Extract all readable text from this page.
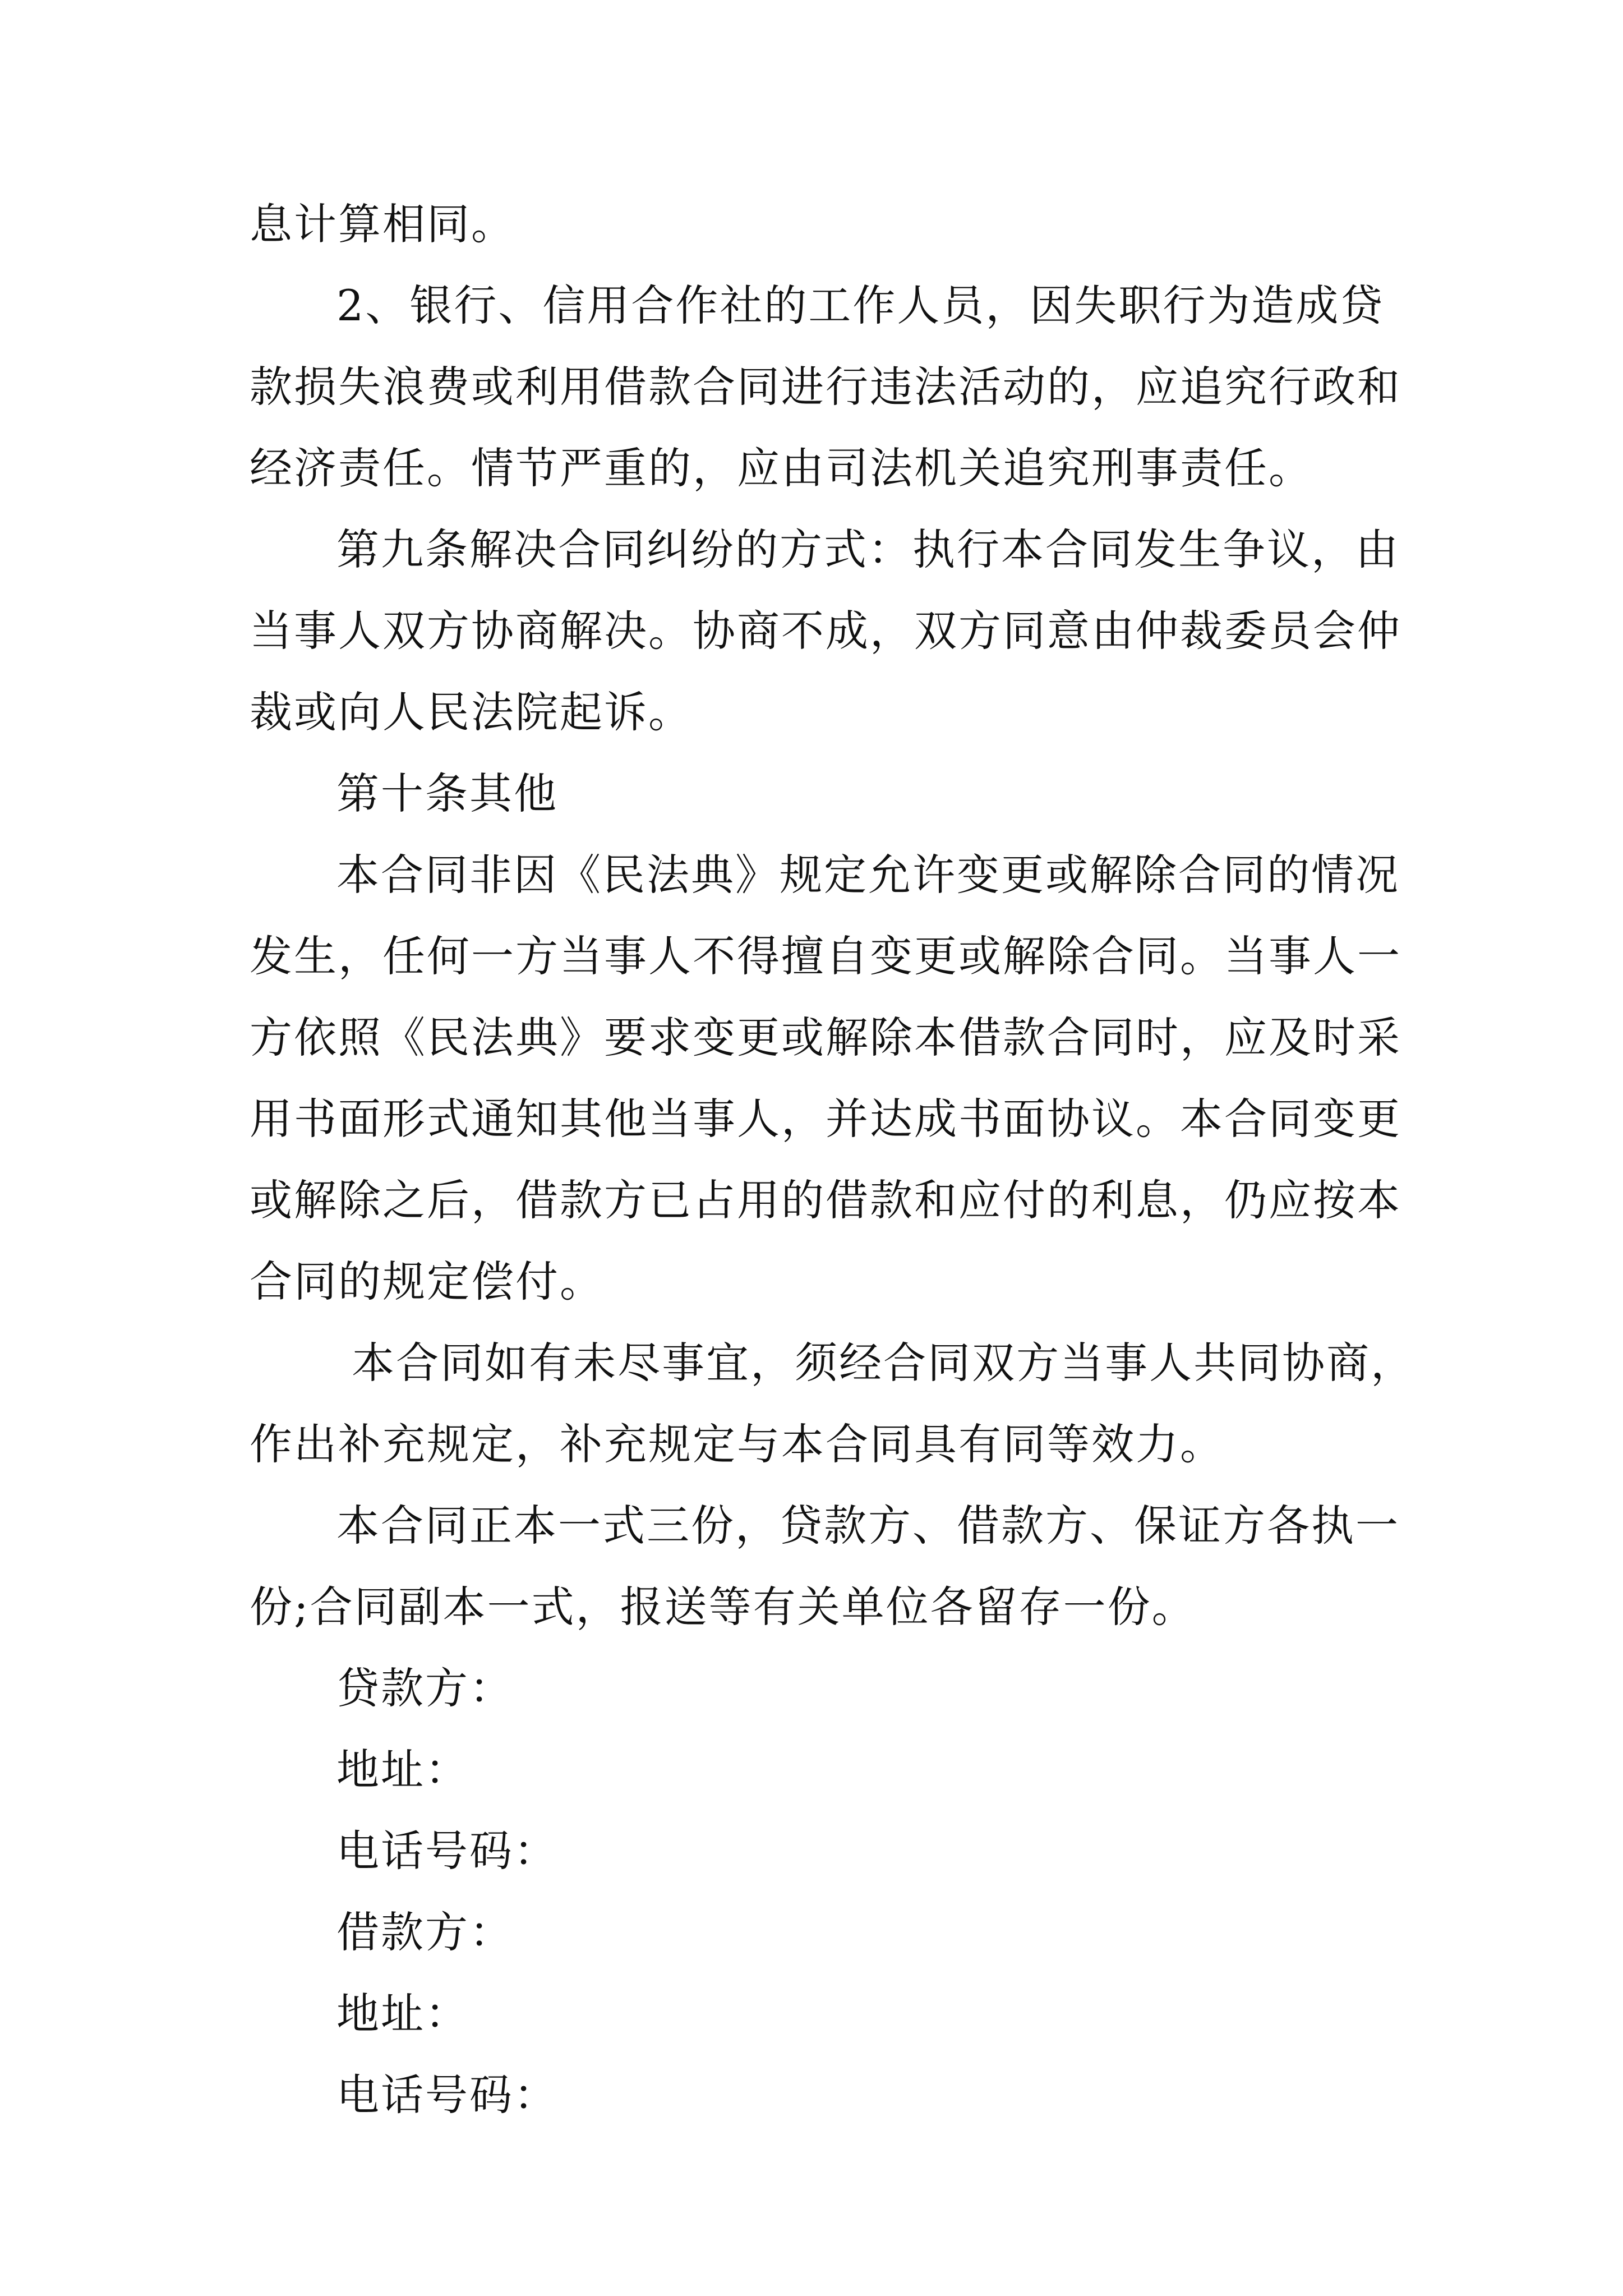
息计算相同。
2、银行、信用合作社的工作人员，因失职行为造成贷
款损失浪费或利用借款合同进行违法活动的，应追究行政和
经济责任。情节严重的，应由司法机关追究刑事责任。
第九条解决合同纠纷的方式：执行本合同发生争议，由
当事人双方协商解决。协商不成，双方同意由仲裁委员会仲
裁或向人民法院起诉。
第十条其他
本合同非因《民法典》规定允许变更或解除合同的情况
发生，任何一方当事人不得擅自变更或解除合同。当事人一
方依照《民法典》要求变更或解除本借款合同时，应及时采
用书面形式通知其他当事人，并达成书面协议。本合同变更
或解除之后，借款方已占用的借款和应付的利息，仍应按本
合同的规定偿付。
本合同如有未尽事宜，须经合同双方当事人共同协商，
作出补充规定，补充规定与本合同具有同等效力。
本合同正本一式三份，贷款方、借款方、保证方各执一
份;合同副本一式，报送等有关单位各留存一份。
贷款方：
地址：
电话号码：
借款方：
地址：
电话号码：
